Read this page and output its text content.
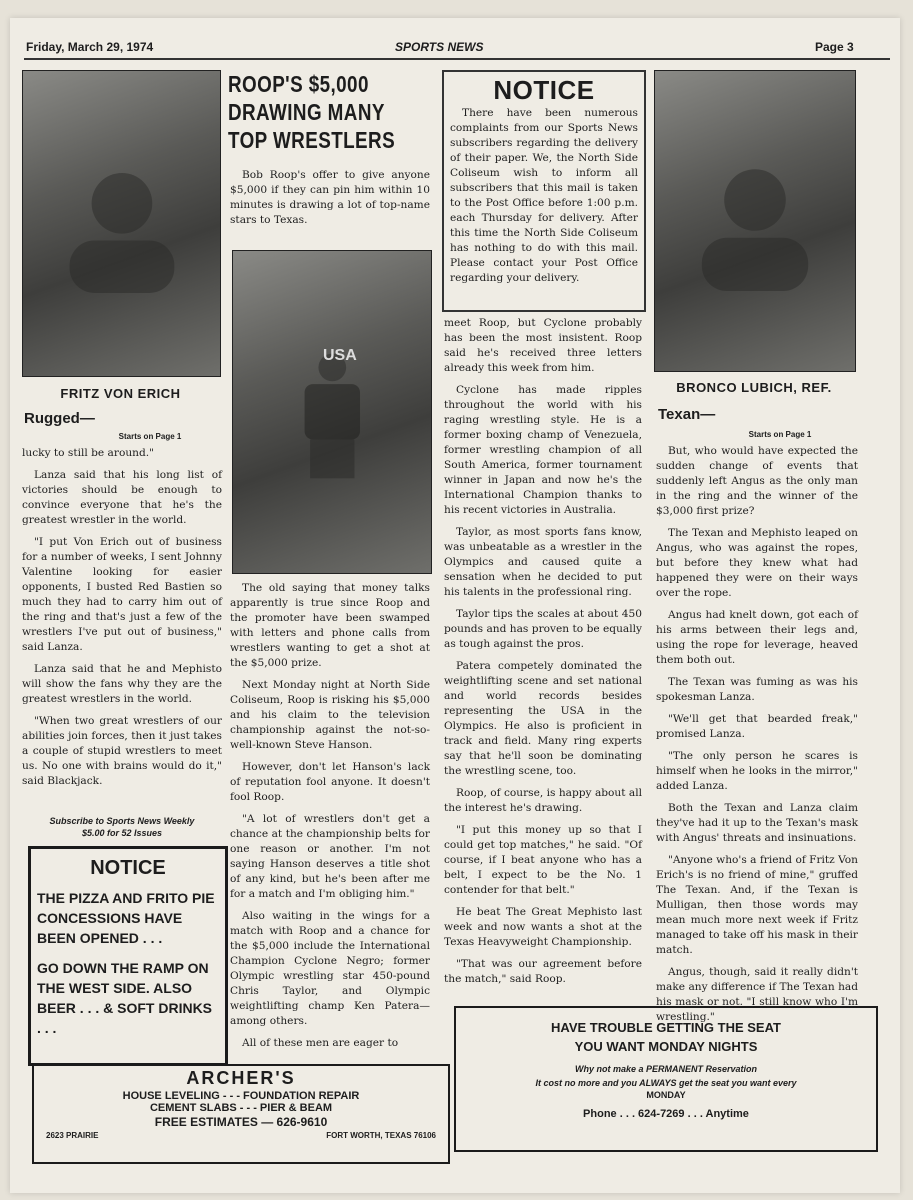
Friday, March 29, 1974	SPORTS NEWS	Page 3
FRITZ VON ERICH
Rugged—
Starts on Page 1

lucky to still be around."

Lanza said that his long list of victories should be enough to convince everyone that he's the greatest wrestler in the world.

"I put Von Erich out of business for a number of weeks, I sent Johnny Valentine looking for easier opponents, I busted Red Bastien so much they had to carry him out of the ring and that's just a few of the wrestlers I've put out of business," said Lanza.

Lanza said that he and Mephisto will show the fans why they are the greatest wrestlers in the world.

"When two great wrestlers of our abilities join forces, then it just takes a couple of stupid wrestlers to meet us. No one with brains would do it," said Blackjack.

Subscribe to Sports News Weekly
$5.00 for 52 Issues
NOTICE
THE PIZZA AND FRITO PIE CONCESSIONS HAVE BEEN OPENED . . .
GO DOWN THE RAMP ON THE WEST SIDE. ALSO BEER . . . & SOFT DRINKS . . .
ROOP'S $5,000 DRAWING MANY TOP WRESTLERS

Bob Roop's offer to give anyone $5,000 if they can pin him within 10 minutes is drawing a lot of top-name stars to Texas.

USA

The old saying that money talks apparently is true since Roop and the promoter have been swamped with letters and phone calls from wrestlers wanting to get a shot at the $5,000 prize.

Next Monday night at North Side Coliseum, Roop is risking his $5,000 and his claim to the television championship against the not-so-well-known Steve Hanson.

However, don't let Hanson's lack of reputation fool anyone. It doesn't fool Roop.

"A lot of wrestlers don't get a chance at the championship belts for one reason or another. I'm not saying Hanson deserves a title shot of any kind, but he's been after me for a match and I'm obliging him."

Also waiting in the wings for a match with Roop and a chance for the $5,000 include the International Champion Cyclone Negro; former Olympic wrestling star 450-pound Chris Taylor, and Olympic weightlifting champ Ken Patera—among others.

All of these men are eager to

NOTICE

There have been numerous complaints from our Sports News subscribers regarding the delivery of their paper. We, the North Side Coliseum wish to inform all subscribers that this mail is taken to the Post Office before 1:00 p.m. each Thursday for delivery. After this time the North Side Coliseum has nothing to do with this mail. Please contact your Post Office regarding your delivery.

meet Roop, but Cyclone probably has been the most insistent. Roop said he's received three letters already this week from him.

Cyclone has made ripples throughout the world with his raging wrestling style. He is a former boxing champ of Venezuela, former wrestling champion of all South America, former tournament winner in Japan and now he's the International Champion thanks to his recent victories in Australia.

Taylor, as most sports fans know, was unbeatable as a wrestler in the Olympics and caused quite a sensation when he decided to put his talents in the professional ring.

Taylor tips the scales at about 450 pounds and has proven to be equally as tough against the pros.

Patera competely dominated the weightlifting scene and set national and world records besides representing the USA in the Olympics. He also is proficient in track and field. Many ring experts say that he'll soon be dominating the wrestling scene, too.

Roop, of course, is happy about all the interest he's drawing.

"I put this money up so that I could get top matches," he said. "Of course, if I beat anyone who has a belt, I expect to be the No. 1 contender for that belt."

He beat The Great Mephisto last week and now wants a shot at the Texas Heavyweight Championship.

"That was our agreement before the match," said Roop.

BRONCO LUBICH, REF.
Texan—
Starts on Page 1

But, who would have expected the sudden change of events that suddenly left Angus as the only man in the ring and the winner of the $3,000 first prize?

The Texan and Mephisto leaped on Angus, who was against the ropes, but before they knew what had happened they were on their ways over the rope.

Angus had knelt down, got each of his arms between their legs and, using the rope for leverage, heaved them both out.

The Texan was fuming as was his spokesman Lanza.

"We'll get that bearded freak," promised Lanza.

"The only person he scares is himself when he looks in the mirror," added Lanza.

Both the Texan and Lanza claim they've had it up to the Texan's mask with Angus' threats and insinuations.

"Anyone who's a friend of Fritz Von Erich's is no friend of mine," gruffed The Texan. And, if the Texan is Mulligan, then those words may mean much more next week if Fritz managed to take off his mask in their match.

Angus, though, said it really didn't make any difference if The Texan had his mask or not. "I still know who I'm wrestling."

HAVE TROUBLE GETTING THE SEAT
YOU WANT MONDAY NIGHTS
Why not make a PERMANENT Reservation
It cost no more and you ALWAYS get the seat you want every
MONDAY
Phone . . . 624-7269 . . . Anytime
ARCHER'S
HOUSE LEVELING - - - FOUNDATION REPAIR
CEMENT SLABS - - - PIER & BEAM
FREE ESTIMATES — 626-9610
2623 PRAIRIE	FORT WORTH, TEXAS 76106
